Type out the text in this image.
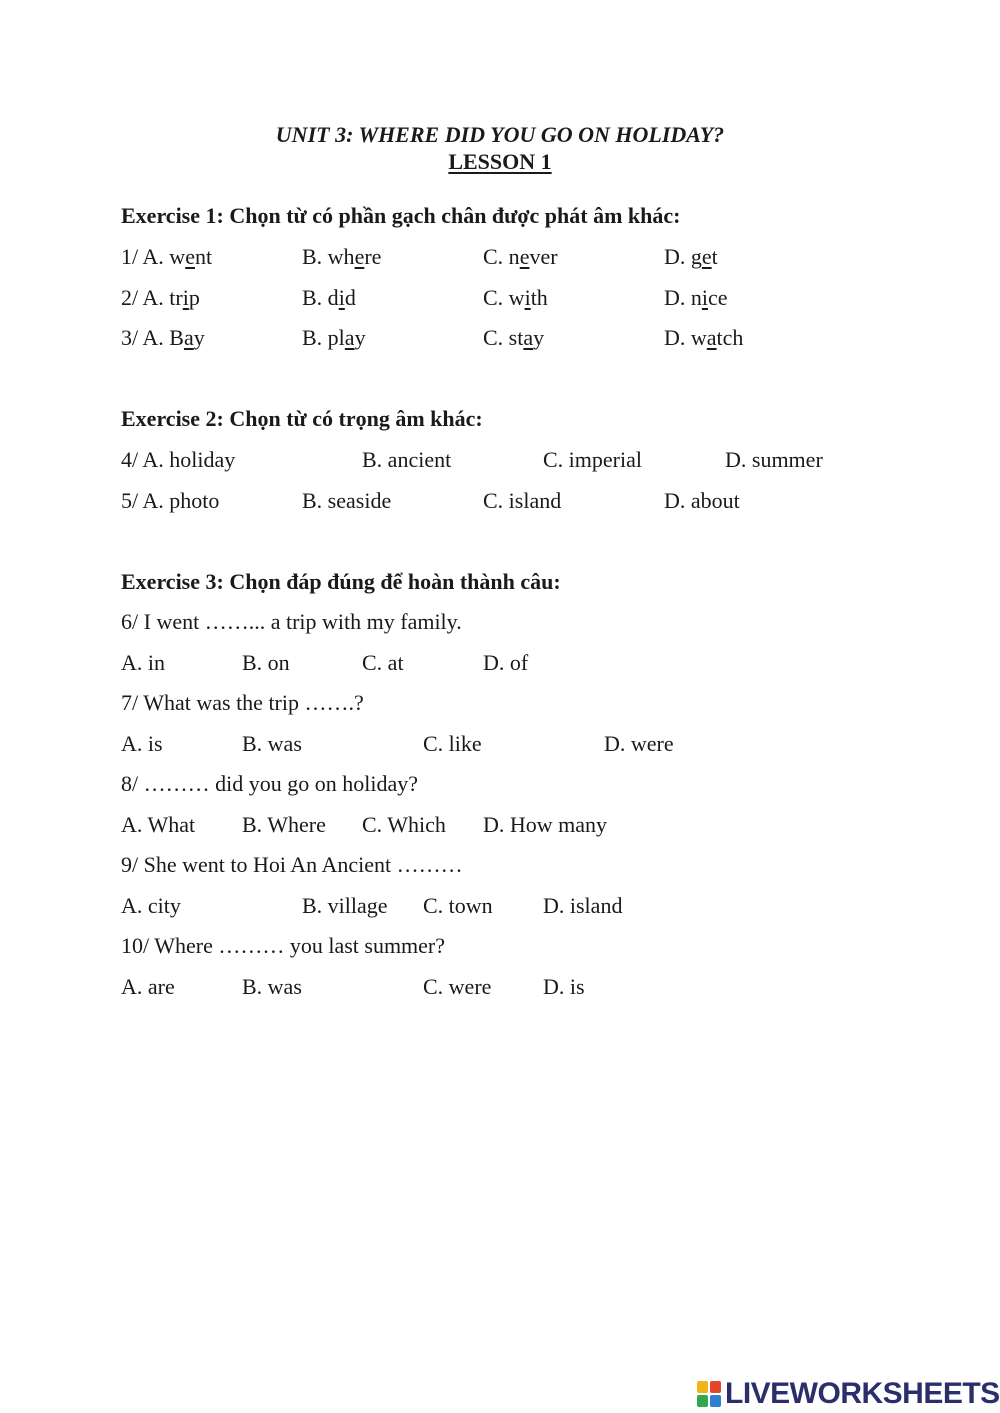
UNIT 3: WHERE DID YOU GO ON HOLIDAY?
LESSON 1
Exercise 1: Chọn từ có phần gạch chân được phát âm khác:
1/ A. went	B. where	C. never	D. get
2/ A. trip	B. did	C. with	D. nice
3/ A. Bay	B. play	C. stay	D. watch
Exercise 2: Chọn từ có trọng âm khác:
4/ A. holiday	B. ancient	C. imperial	D. summer
5/ A. photo	B. seaside	C. island	D. about
Exercise 3: Chọn đáp đúng để hoàn thành câu:
6/ I went ……... a trip with my family.
A. in	B. on	C. at	D. of
7/ What was the trip …….?
A. is	B. was	C. like	D. were
8/ ……… did you go on holiday?
A. What B. Where C. Which D. How many
9/ She went to Hoi An Ancient ………
A. city	B. village C. town D. island
10/ Where ……… you last summer?
A. are	B. was	C. were D. is
LIVEWORKSHEETS
